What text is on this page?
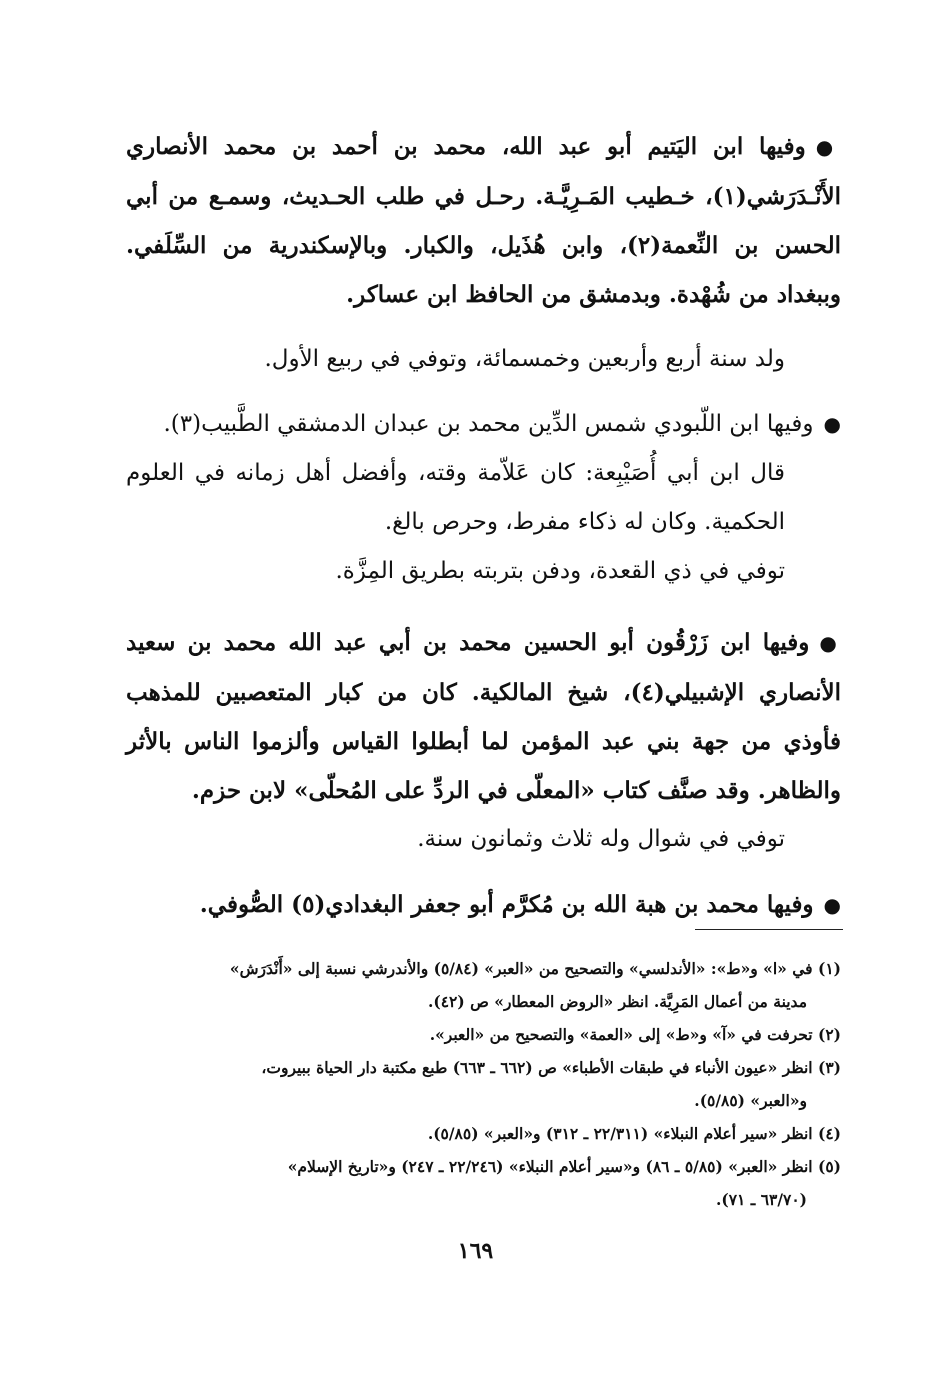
●وفيها ابن اليَتيم أبو عبد الله، محمد بن أحمد بن محمد الأنصاري الأَنْـدَرَشي(١)، خـطيب المَـرِيَّـة. رحـل في طلب الحـديث، وسمـع من أبي الحسن بن النِّعمة(٢)، وابن هُذَيل، والكبار. وبالإسكندرية من السِّلَفي. وببغداد من شُهْدة. وبدمشق من الحافظ ابن عساكر.

ولد سنة أربع وأربعين وخمسمائة، وتوفي في ربيع الأول.

●وفيها ابن اللّبودي شمس الدِّين محمد بن عبدان الدمشقي الطَّبيب(٣).

قال ابن أبي أُصَيْبِعة: كان عَلاّمة وقته، وأفضل أهل زمانه في العلوم الحكمية. وكان له ذكاء مفرط، وحرص بالغ.

توفي في ذي القعدة، ودفن بتربته بطريق المِزَّة.

●وفيها ابن زَرْقُون أبو الحسين محمد بن أبي عبد الله محمد بن سعيد الأنصاري الإشبيلي(٤)، شيخ المالكية. كان من كبار المتعصبين للمذهب فأوذي من جهة بني عبد المؤمن لما أبطلوا القياس وألزموا الناس بالأثر والظاهر. وقد صنَّف كتاب «المعلّى في الردِّ على المُحلّى» لابن حزم.

توفي في شوال وله ثلاث وثمانون سنة.

●وفيها محمد بن هبة الله بن مُكرَّم أبو جعفر البغدادي(٥) الصُّوفي.

(١) في «ا» و«ط»: «الأندلسي» والتصحيح من «العبر» (٥/٨٤) والأندرشي نسبة إلى «أَنْدَرَش»
مدينة من أعمال المَرِيَّة. انظر «الروض المعطار» ص (٤٢).

(٢) تحرفت في «آ» و«ط» إلى «العمة» والتصحيح من «العبر».

(٣) انظر «عيون الأنباء في طبقات الأطباء» ص (٦٦٢ ـ ٦٦٣) طبع مكتبة دار الحياة ببيروت،
و«العبر» (٥/٨٥).

(٤) انظر «سير أعلام النبلاء» (٢٢/٣١١ ـ ٣١٢) و«العبر» (٥/٨٥).

(٥) انظر «العبر» (٥/٨٥ ـ ٨٦) و«سير أعلام النبلاء» (٢٢/٢٤٦ ـ ٢٤٧) و«تاريخ الإسلام»
(٦٣/٧٠ ـ ٧١).

١٦٩
